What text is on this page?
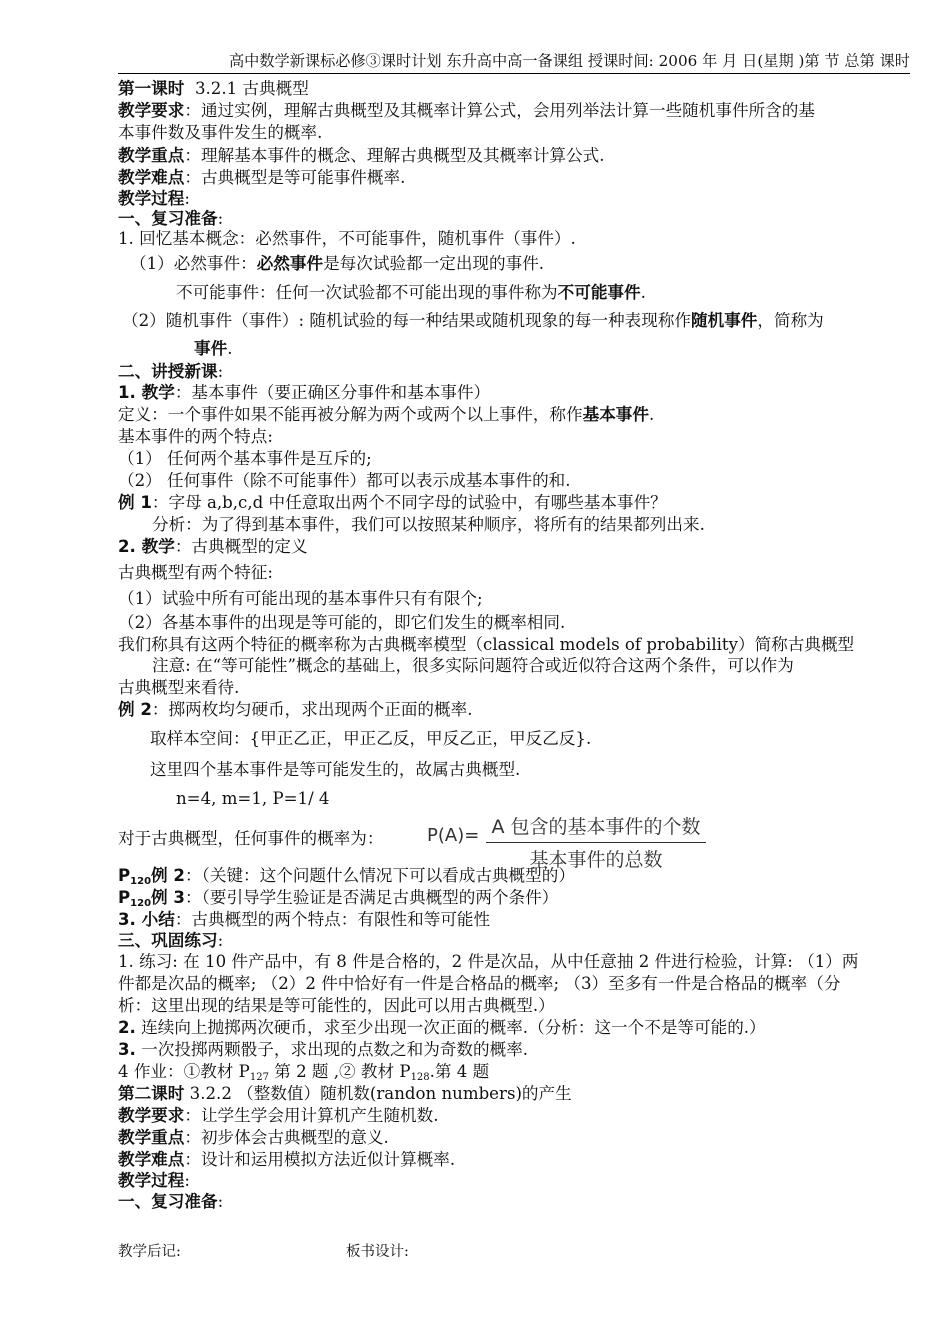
高中数学新课标必修③课时计划 东升高中高一备课组 授课时间: 2006 年 月 日(星期 )第 节 总第 课时
第一课时 3.2.1 古典概型
教学要求：通过实例，理解古典概型及其概率计算公式，会用列举法计算一些随机事件所含的基
本事件数及事件发生的概率.
教学重点：理解基本事件的概念、理解古典概型及其概率计算公式.
教学难点：古典概型是等可能事件概率.
教学过程:
一、复习准备:
1. 回忆基本概念：必然事件，不可能事件，随机事件（事件）.
（1）必然事件：必然事件是每次试验都一定出现的事件.
不可能事件：任何一次试验都不可能出现的事件称为不可能事件.
（2）随机事件（事件）: 随机试验的每一种结果或随机现象的每一种表现称作随机事件，简称为
事件.
二、讲授新课:
1. 教学：基本事件（要正确区分事件和基本事件）
定义：一个事件如果不能再被分解为两个或两个以上事件，称作基本事件.
基本事件的两个特点:
（1） 任何两个基本事件是互斥的;
（2） 任何事件（除不可能事件）都可以表示成基本事件的和.
例 1：字母 a,b,c,d 中任意取出两个不同字母的试验中，有哪些基本事件？
分析：为了得到基本事件，我们可以按照某种顺序，将所有的结果都列出来.
2. 教学：古典概型的定义
古典概型有两个特征:
（1）试验中所有可能出现的基本事件只有有限个;
（2）各基本事件的出现是等可能的，即它们发生的概率相同.
我们称具有这两个特征的概率称为古典概率模型（classical models of probability）简称古典概型
注意: 在“等可能性”概念的基础上，很多实际问题符合或近似符合这两个条件，可以作为
古典概型来看待.
例 2：掷两枚均匀硬币，求出现两个正面的概率.
取样本空间：{甲正乙正，甲正乙反，甲反乙正，甲反乙反}.
这里四个基本事件是等可能发生的，故属古典概型.
n=4, m=1, P=1/ 4
对于古典概型，任何事件的概率为： P(A)= A 包含的基本事件的个数
基本事件的总数
$P_{120}$例 2：（关键：这个问题什么情况下可以看成古典概型的）
$P_{120}$例 3：（要引导学生验证是否满足古典概型的两个条件）
3. 小结：古典概型的两个特点：有限性和等可能性
三、巩固练习:
1. 练习: 在 10 件产品中，有 8 件是合格的，2 件是次品，从中任意抽 2 件进行检验，计算: （1）两
件都是次品的概率; （2）2 件中恰好有一件是合格品的概率; （3）至多有一件是合格品的概率（分
析：这里出现的结果是等可能性的，因此可以用古典概型.）
2. 连续向上抛掷两次硬币，求至少出现一次正面的概率.（分析：这一个不是等可能的.）
3. 一次投掷两颗骰子，求出现的点数之和为奇数的概率.
4 作业：①教材 $P_{127}$ 第 2 题 ,② 教材 $P_{128}$.第 4 题
第二课时 3.2.2 （整数值）随机数(randon numbers)的产生
教学要求：让学生学会用计算机产生随机数.
教学重点：初步体会古典概型的意义.
教学难点：设计和运用模拟方法近似计算概率.
教学过程:
一、复习准备:
教学后记:	板书设计:
